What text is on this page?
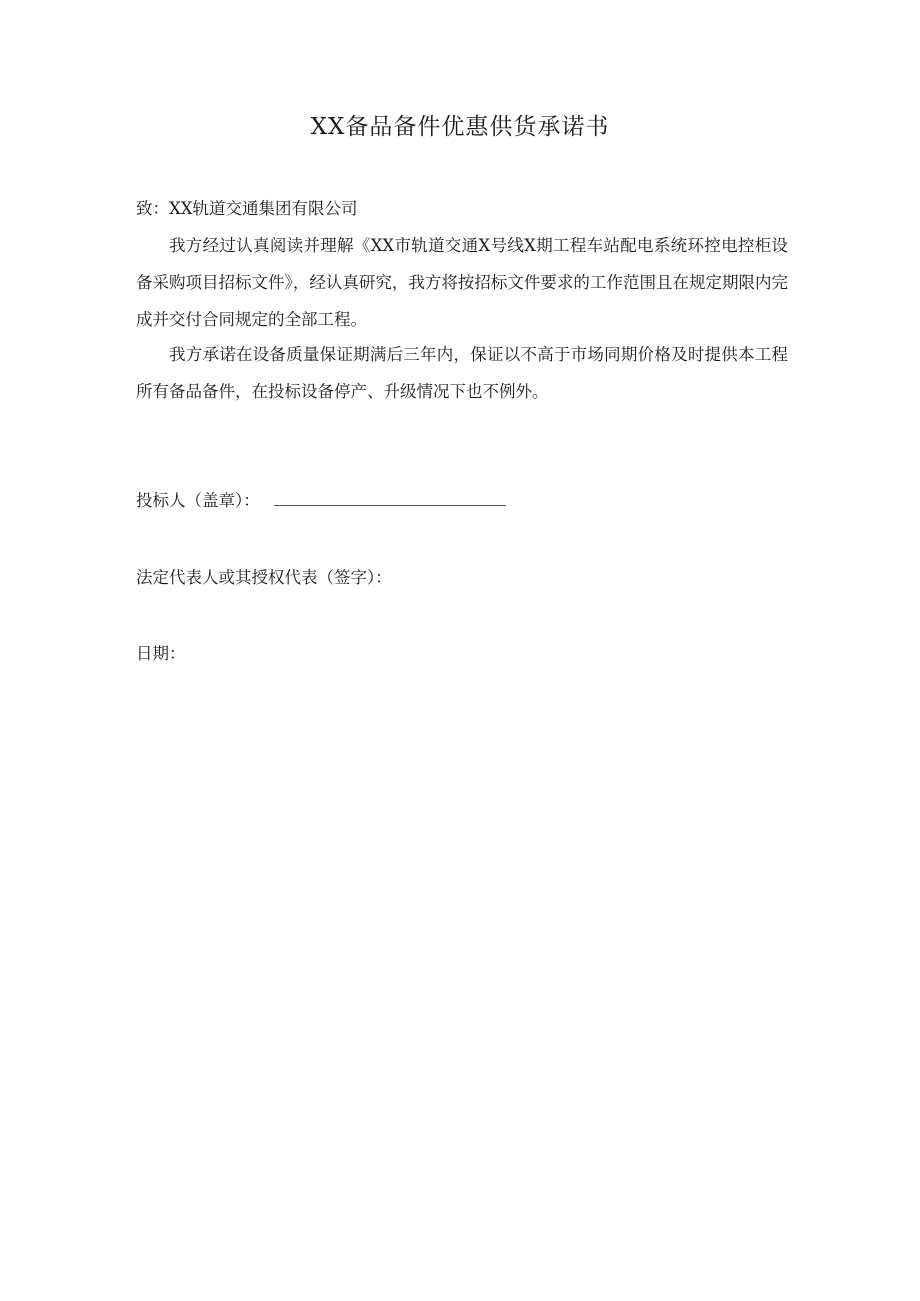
XX备品备件优惠供货承诺书
致：XX轨道交通集团有限公司

我方经过认真阅读并理解《XX市轨道交通X号线X期工程车站配电系统环控电控柜设备采购项目招标文件》，经认真研究，我方将按招标文件要求的工作范围且在规定期限内完成并交付合同规定的全部工程。

我方承诺在设备质量保证期满后三年内，保证以不高于市场同期价格及时提供本工程所有备品备件，在投标设备停产、升级情况下也不例外。

投标人（盖章）：
法定代表人或其授权代表（签字）：
日期：
